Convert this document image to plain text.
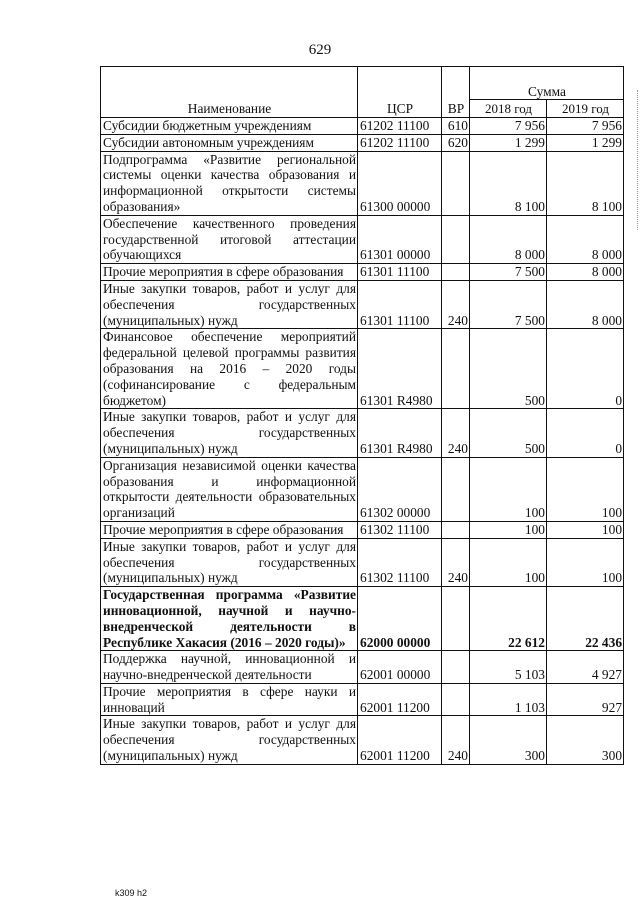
629
Наименование	ЦСР	ВР	Сумма	
			2018 год	2019 год
Субсидии бюджетным учреждениям	61202 11100	610	7 956	7 956
Субсидии автономным учреждениям	61202 11100	620	1 299	1 299
Подпрограмма «Развитие региональной системы оценки качества образования и информационной открытости системы образования»	61300 00000		8 100	8 100
Обеспечение качественного проведения государственной итоговой аттестации обучающихся	61301 00000		8 000	8 000
Прочие мероприятия в сфере образования	61301 11100		7 500	8 000
Иные закупки товаров, работ и услуг для обеспечения государственных (муниципальных) нужд	61301 11100	240	7 500	8 000
Финансовое обеспечение мероприятий федеральной целевой программы развития образования на 2016 – 2020 годы (софинансирование с федеральным бюджетом)	61301 R4980		500	0
Иные закупки товаров, работ и услуг для обеспечения государственных (муниципальных) нужд	61301 R4980	240	500	0
Организация независимой оценки качества образования и информационной открытости деятельности образовательных организаций	61302 00000		100	100
Прочие мероприятия в сфере образования	61302 11100		100	100
Иные закупки товаров, работ и услуг для обеспечения государственных (муниципальных) нужд	61302 11100	240	100	100
Государственная программа «Развитие инновационной, научной и научно-внедренческой деятельности в Республике Хакасия (2016 – 2020 годы)»	62000 00000		22 612	22 436
Поддержка научной, инновационной и научно-внедренческой деятельности	62001 00000		5 103	4 927
Прочие мероприятия в сфере науки и инноваций	62001 11200		1 103	927
Иные закупки товаров, работ и услуг для обеспечения государственных (муниципальных) нужд	62001 11200	240	300	300
k309 h2
